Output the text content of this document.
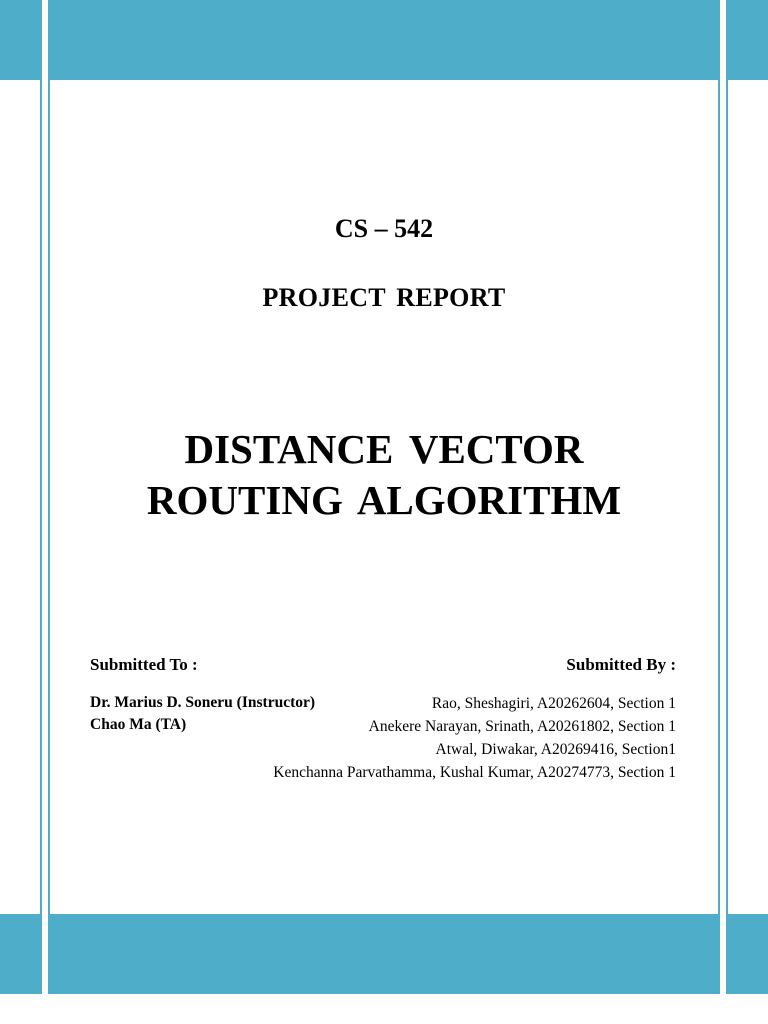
CS – 542
PROJECT REPORT
DISTANCE VECTOR
ROUTING ALGORITHM
Submitted To :	Submitted By :
Dr. Marius D. Soneru (Instructor)
Chao Ma (TA)
Rao, Sheshagiri, A20262604, Section 1
Anekere Narayan, Srinath, A20261802, Section 1
Atwal, Diwakar, A20269416, Section1
Kenchanna Parvathamma, Kushal Kumar, A20274773, Section 1
